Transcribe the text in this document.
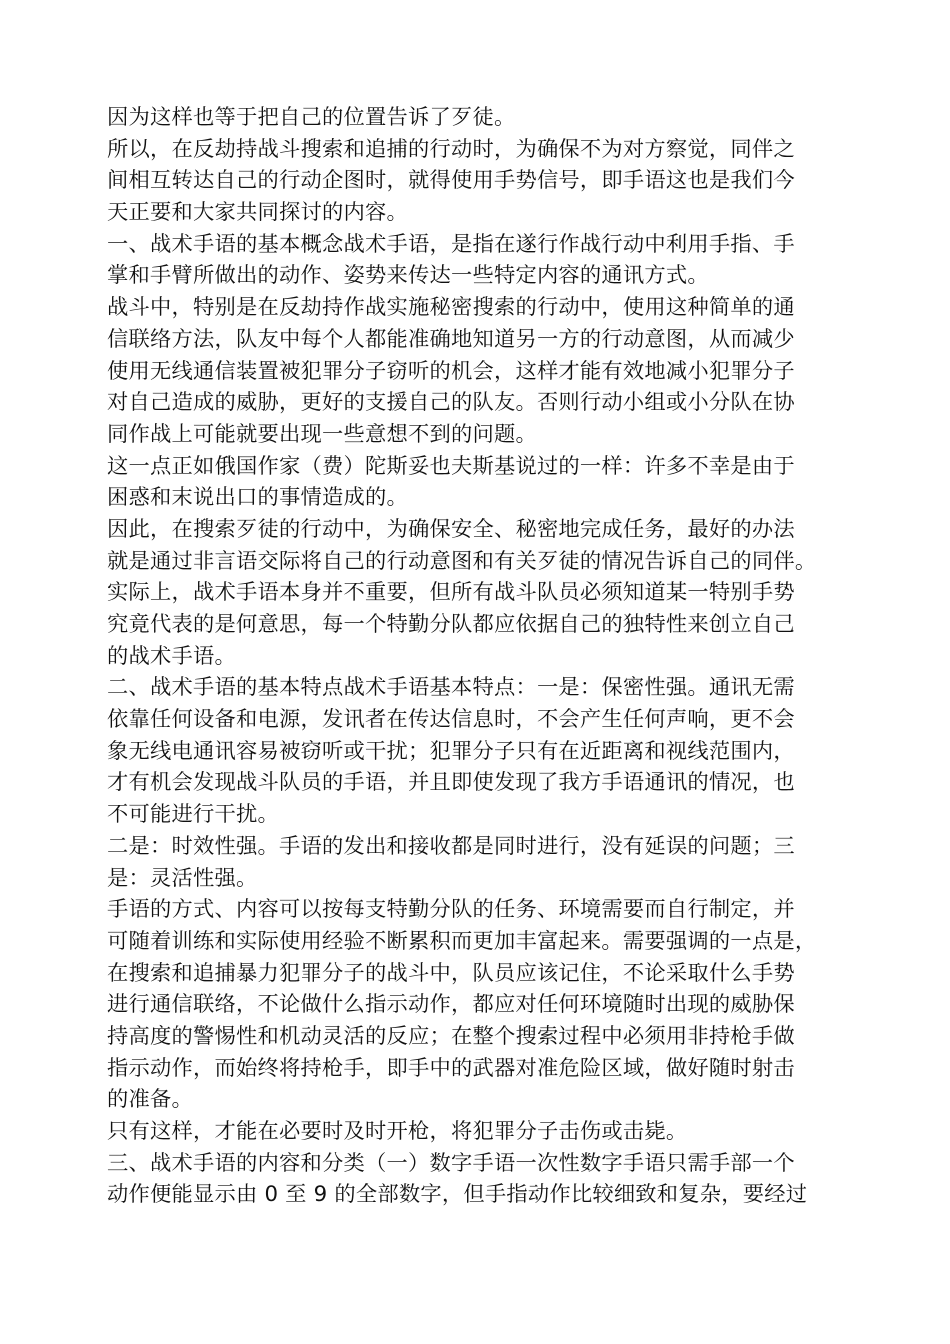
因为这样也等于把自己的位置告诉了歹徒。
所以，在反劫持战斗搜索和追捕的行动时，为确保不为对方察觉，同伴之
间相互转达自己的行动企图时，就得使用手势信号，即手语这也是我们今
天正要和大家共同探讨的内容。
一、战术手语的基本概念战术手语，是指在遂行作战行动中利用手指、手
掌和手臂所做出的动作、姿势来传达一些特定内容的通讯方式。
战斗中，特别是在反劫持作战实施秘密搜索的行动中，使用这种简单的通
信联络方法，队友中每个人都能准确地知道另一方的行动意图，从而减少
使用无线通信装置被犯罪分子窃听的机会，这样才能有效地减小犯罪分子
对自己造成的威胁，更好的支援自己的队友。否则行动小组或小分队在协
同作战上可能就要出现一些意想不到的问题。
这一点正如俄国作家（费）陀斯妥也夫斯基说过的一样：许多不幸是由于
困惑和末说出口的事情造成的。
因此，在搜索歹徒的行动中，为确保安全、秘密地完成任务，最好的办法
就是通过非言语交际将自己的行动意图和有关歹徒的情况告诉自己的同伴。
实际上，战术手语本身并不重要，但所有战斗队员必须知道某一特别手势
究竟代表的是何意思，每一个特勤分队都应依据自己的独特性来创立自己
的战术手语。
二、战术手语的基本特点战术手语基本特点：一是：保密性强。通讯无需
依靠任何设备和电源，发讯者在传达信息时，不会产生任何声响，更不会
象无线电通讯容易被窃听或干扰；犯罪分子只有在近距离和视线范围内，
才有机会发现战斗队员的手语，并且即使发现了我方手语通讯的情况，也
不可能进行干扰。
二是：时效性强。手语的发出和接收都是同时进行，没有延误的问题；三
是：灵活性强。
手语的方式、内容可以按每支特勤分队的任务、环境需要而自行制定，并
可随着训练和实际使用经验不断累积而更加丰富起来。需要强调的一点是，
在搜索和追捕暴力犯罪分子的战斗中，队员应该记住，不论采取什么手势
进行通信联络，不论做什么指示动作，都应对任何环境随时出现的威胁保
持高度的警惕性和机动灵活的反应；在整个搜索过程中必须用非持枪手做
指示动作，而始终将持枪手，即手中的武器对准危险区域，做好随时射击
的准备。
只有这样，才能在必要时及时开枪，将犯罪分子击伤或击毙。
三、战术手语的内容和分类（一）数字手语一次性数字手语只需手部一个
动作便能显示由 0 至 9 的全部数字，但手指动作比较细致和复杂，要经过
